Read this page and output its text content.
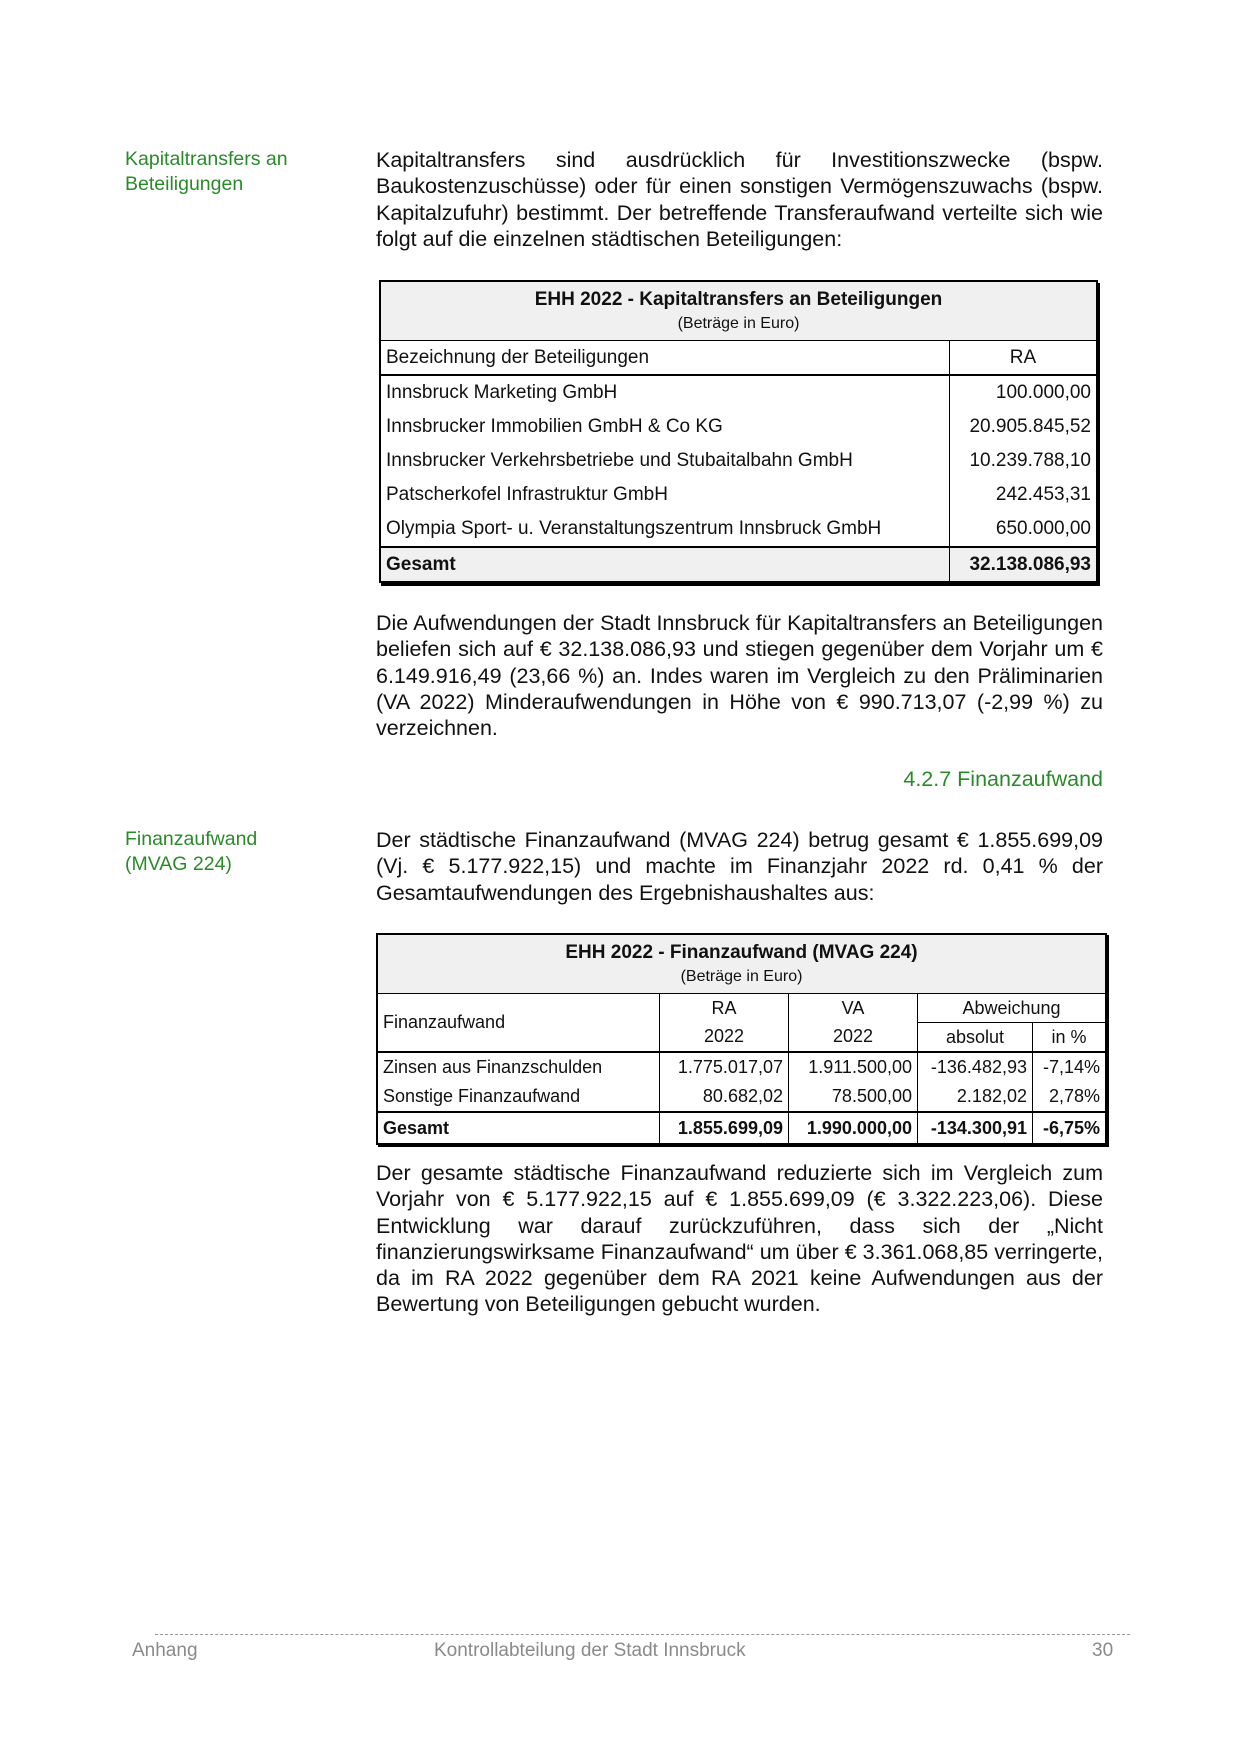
Kapitaltransfers an Beteiligungen
Kapitaltransfers sind ausdrücklich für Investitionszwecke (bspw. Baukostenzuschüsse) oder für einen sonstigen Vermögenszuwachs (bspw. Kapitalzufuhr) bestimmt. Der betreffende Transferaufwand verteilte sich wie folgt auf die einzelnen städtischen Beteiligungen:
EHH 2022 - Kapitaltransfers an Beteiligungen
(Beträge in Euro)	

Bezeichnung der Beteiligungen	RA
Innsbruck Marketing GmbH	100.000,00
Innsbrucker Immobilien GmbH & Co KG	20.905.845,52
Innsbrucker Verkehrsbetriebe und Stubaitalbahn GmbH	10.239.788,10
Patscherkofel Infrastruktur GmbH	242.453,31
Olympia Sport- u. Veranstaltungszentrum Innsbruck GmbH	650.000,00
Gesamt	32.138.086,93
Die Aufwendungen der Stadt Innsbruck für Kapitaltransfers an Beteiligungen beliefen sich auf € 32.138.086,93 und stiegen gegenüber dem Vorjahr um € 6.149.916,49 (23,66 %) an. Indes waren im Vergleich zu den Präliminarien (VA 2022) Minderaufwendungen in Höhe von € 990.713,07 (-2,99 %) zu verzeichnen.
4.2.7 Finanzaufwand
Finanzaufwand (MVAG 224)
Der städtische Finanzaufwand (MVAG 224) betrug gesamt € 1.855.699,09 (Vj. € 5.177.922,15) und machte im Finanzjahr 2022 rd. 0,41 % der Gesamtaufwendungen des Ergebnishaushaltes aus:
EHH 2022 - Finanzaufwand (MVAG 224)
(Beträge in Euro)				

Finanzaufwand	RA	VA	Abweichung	
	2022	2022	absolut	in %
Zinsen aus Finanzschulden	1.775.017,07	1.911.500,00	-136.482,93	-7,14%
Sonstige Finanzaufwand	80.682,02	78.500,00	2.182,02	2,78%
Gesamt	1.855.699,09	1.990.000,00	-134.300,91	-6,75%
Der gesamte städtische Finanzaufwand reduzierte sich im Vergleich zum Vorjahr von € 5.177.922,15 auf € 1.855.699,09 (€ 3.322.223,06). Diese Entwicklung war darauf zurückzuführen, dass sich der „Nicht finanzierungswirksame Finanzaufwand“ um über € 3.361.068,85 verringerte, da im RA 2022 gegenüber dem RA 2021 keine Aufwendungen aus der Bewertung von Beteiligungen gebucht wurden.
Anhang	Kontrollabteilung der Stadt Innsbruck	30
